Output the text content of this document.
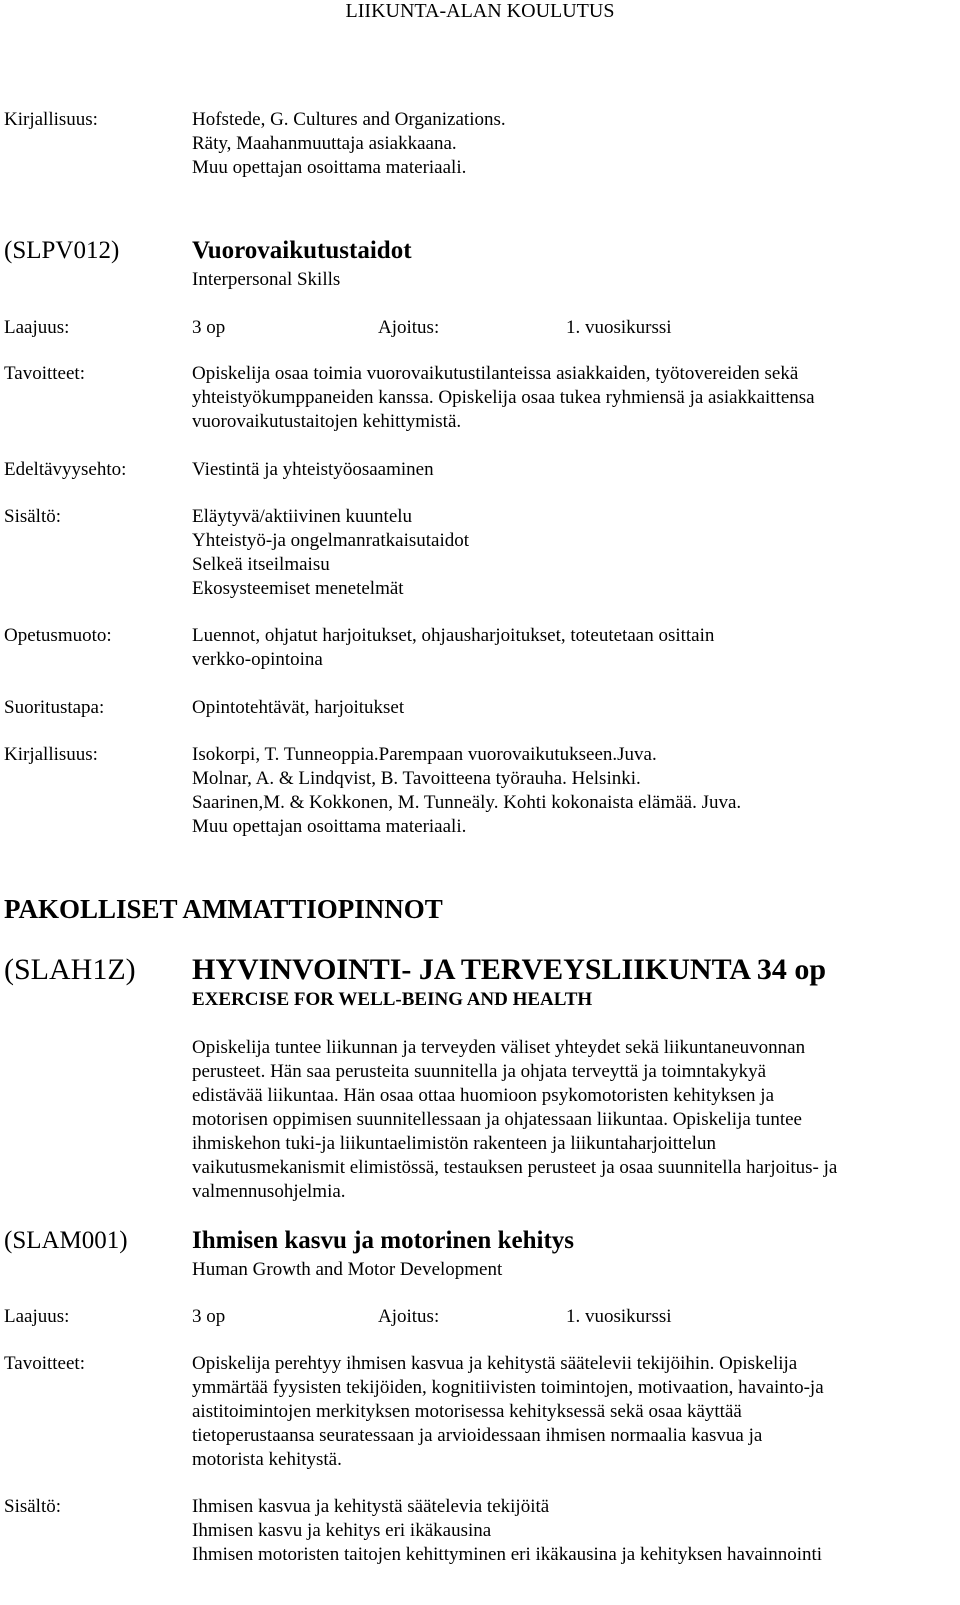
LIIKUNTA-ALAN KOULUTUS
Kirjallisuus:	Hofstede, G. Cultures and Organizations.
Räty, Maahanmuuttaja asiakkaana.
Muu opettajan osoittama materiaali.
(SLPV012)	Vuorovaikutustaidot
Interpersonal Skills
Laajuus:	3 op	Ajoitus:	1. vuosikurssi
Tavoitteet:	Opiskelija osaa toimia vuorovaikutustilanteissa asiakkaiden, työtovereiden sekä
yhteistyökumppaneiden kanssa. Opiskelija osaa tukea ryhmiensä ja asiakkaittensa
vuorovaikutustaitojen kehittymistä.
Edeltävyysehto:	Viestintä ja yhteistyöosaaminen
Sisältö:	Eläytyvä/aktiivinen kuuntelu
Yhteistyö-ja ongelmanratkaisutaidot
Selkeä itseilmaisu
Ekosysteemiset menetelmät
Opetusmuoto:	Luennot, ohjatut harjoitukset, ohjausharjoitukset, toteutetaan osittain
verkko-opintoina
Suoritustapa:	Opintotehtävät, harjoitukset
Kirjallisuus:	Isokorpi, T. Tunneoppia.Parempaan vuorovaikutukseen.Juva.
Molnar, A. & Lindqvist, B. Tavoitteena työrauha. Helsinki.
Saarinen,M. & Kokkonen, M. Tunneäly. Kohti kokonaista elämää. Juva.
Muu opettajan osoittama materiaali.
PAKOLLISET AMMATTIOPINNOT
(SLAH1Z) HYVINVOINTI- JA TERVEYSLIIKUNTA 34 op
EXERCISE FOR WELL-BEING AND HEALTH
Opiskelija tuntee liikunnan ja terveyden väliset yhteydet sekä liikuntaneuvonnan
perusteet. Hän saa perusteita suunnitella ja ohjata terveyttä ja toimntakykyä
edistävää liikuntaa. Hän osaa ottaa huomioon psykomotoristen kehityksen ja
motorisen oppimisen suunnitellessaan ja ohjatessaan liikuntaa. Opiskelija tuntee
ihmiskehon tuki-ja liikuntaelimistön rakenteen ja liikuntaharjoittelun
vaikutusmekanismit elimistössä, testauksen perusteet ja osaa suunnitella harjoitus- ja
valmennusohjelmia.
(SLAM001)	Ihmisen kasvu ja motorinen kehitys
Human Growth and Motor Development
Laajuus:	3 op	Ajoitus:	1. vuosikurssi
Tavoitteet:	Opiskelija perehtyy ihmisen kasvua ja kehitystä säätelevii tekijöihin. Opiskelija
ymmärtää fyysisten tekijöiden, kognitiivisten toimintojen, motivaation, havainto-ja
aistitoimintojen merkityksen motorisessa kehityksessä sekä osaa käyttää
tietoperustaansa seuratessaan ja arvioidessaan ihmisen normaalia kasvua ja
motorista kehitystä.
Sisältö:	Ihmisen kasvua ja kehitystä säätelevia tekijöitä
Ihmisen kasvu ja kehitys eri ikäkausina
Ihmisen motoristen taitojen kehittyminen eri ikäkausina ja kehityksen havainnointi
